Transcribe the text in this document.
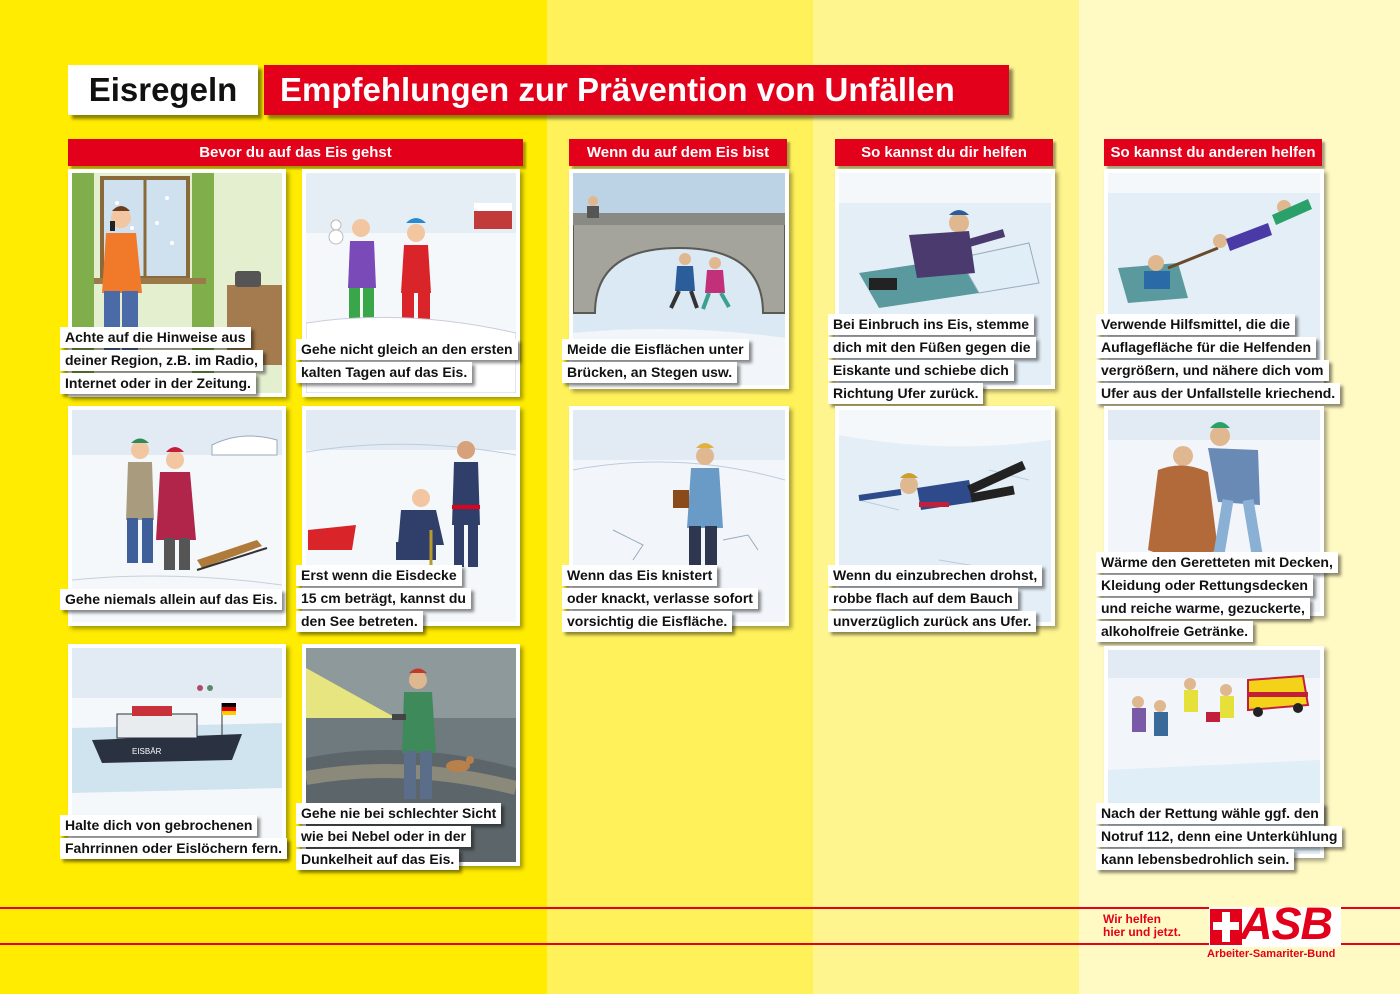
Eisregeln	Empfehlungen zur Prävention von Unfällen
Bevor du auf das Eis gehst	Wenn du auf dem Eis bist	So kannst du dir helfen	So kannst du anderen helfen
Achte auf die Hinweise aus
deiner Region, z.B. im Radio,
Internet oder in der Zeitung.
Gehe nicht gleich an den ersten
kalten Tagen auf das Eis.
Gehe niemals allein auf das Eis.
Erst wenn die Eisdecke
15 cm beträgt, kannst du
den See betreten.
EISBÄR
Halte dich von gebrochenen
Fahrrinnen oder Eislöchern fern.
Gehe nie bei schlechter Sicht
wie bei Nebel oder in der
Dunkelheit auf das Eis.
Meide die Eisflächen unter
Brücken, an Stegen usw.
Wenn das Eis knistert
oder knackt, verlasse sofort
vorsichtig die Eisfläche.
Bei Einbruch ins Eis, stemme
dich mit den Füßen gegen die
Eiskante und schiebe dich
Richtung Ufer zurück.
Wenn du einzubrechen drohst,
robbe flach auf dem Bauch
unverzüglich zurück ans Ufer.
Verwende Hilfsmittel, die die
Auflagefläche für die Helfenden
vergrößern, und nähere dich vom
Ufer aus der Unfallstelle kriechend.
Wärme den Geretteten mit Decken,
Kleidung oder Rettungsdecken
und reiche warme, gezuckerte,
alkoholfreie Getränke.
Nach der Rettung wähle ggf. den
Notruf 112, denn eine Unterkühlung
kann lebensbedrohlich sein.
Wir helfen
hier und jetzt. ASB
Arbeiter-Samariter-Bund
